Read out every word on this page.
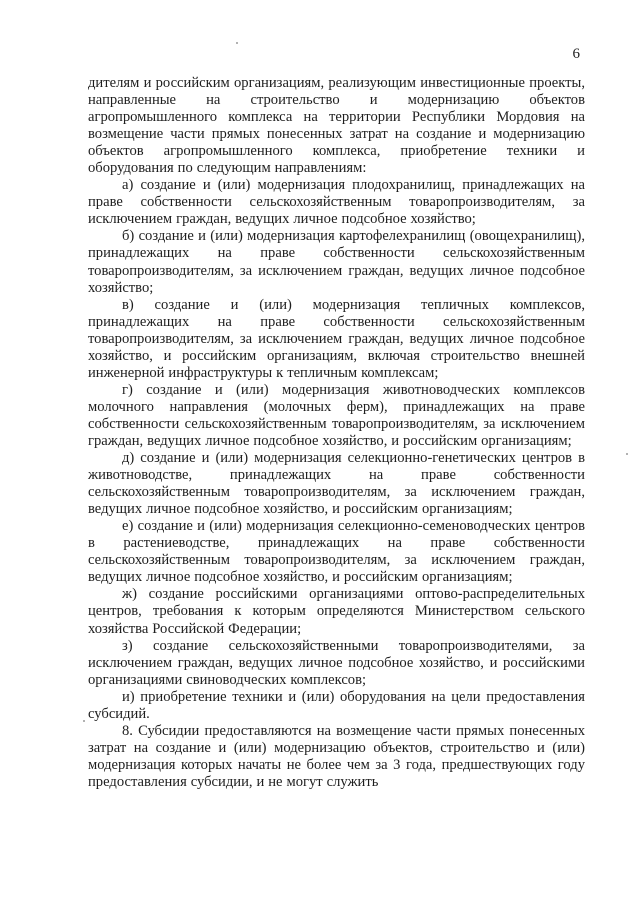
6

дителям и российским организациям, реализующим инвестиционные проекты, направленные на строительство и модернизацию объектов агропромышленного комплекса на территории Республики Мордовия на возмещение части прямых понесенных затрат на создание и модернизацию объектов агропромышленного комплекса, приобретение техники и оборудования по следующим направлениям:

а) создание и (или) модернизация плодохранилищ, принадлежащих на праве собственности сельскохозяйственным товаропроизводителям, за исключением граждан, ведущих личное подсобное хозяйство;

б) создание и (или) модернизация картофелехранилищ (овощехранилищ), принадлежащих на праве собственности сельскохозяйственным товаропроизводителям, за исключением граждан, ведущих личное подсобное хозяйство;

в) создание и (или) модернизация тепличных комплексов, принадлежащих на праве собственности сельскохозяйственным товаропроизводителям, за исключением граждан, ведущих личное подсобное хозяйство, и российским организациям, включая строительство внешней инженерной инфраструктуры к тепличным комплексам;

г) создание и (или) модернизация животноводческих комплексов молочного направления (молочных ферм), принадлежащих на праве собственности сельскохозяйственным товаропроизводителям, за исключением граждан, ведущих личное подсобное хозяйство, и российским организациям;

д) создание и (или) модернизация селекционно-генетических центров в животноводстве, принадлежащих на праве собственности сельскохозяйственным товаропроизводителям, за исключением граждан, ведущих личное подсобное хозяйство, и российским организациям;

е) создание и (или) модернизация селекционно-семеноводческих центров в растениеводстве, принадлежащих на праве собственности сельскохозяйственным товаропроизводителям, за исключением граждан, ведущих личное подсобное хозяйство, и российским организациям;

ж) создание российскими организациями оптово-распределительных центров, требования к которым определяются Министерством сельского хозяйства Российской Федерации;

з) создание сельскохозяйственными товаропроизводителями, за исключением граждан, ведущих личное подсобное хозяйство, и российскими организациями свиноводческих комплексов;

и) приобретение техники и (или) оборудования на цели предоставления субсидий.

8. Субсидии предоставляются на возмещение части прямых понесенных затрат на создание и (или) модернизацию объектов, строительство и (или) модернизация которых начаты не более чем за 3 года, предшествующих году предоставления субсидии, и не могут служить
